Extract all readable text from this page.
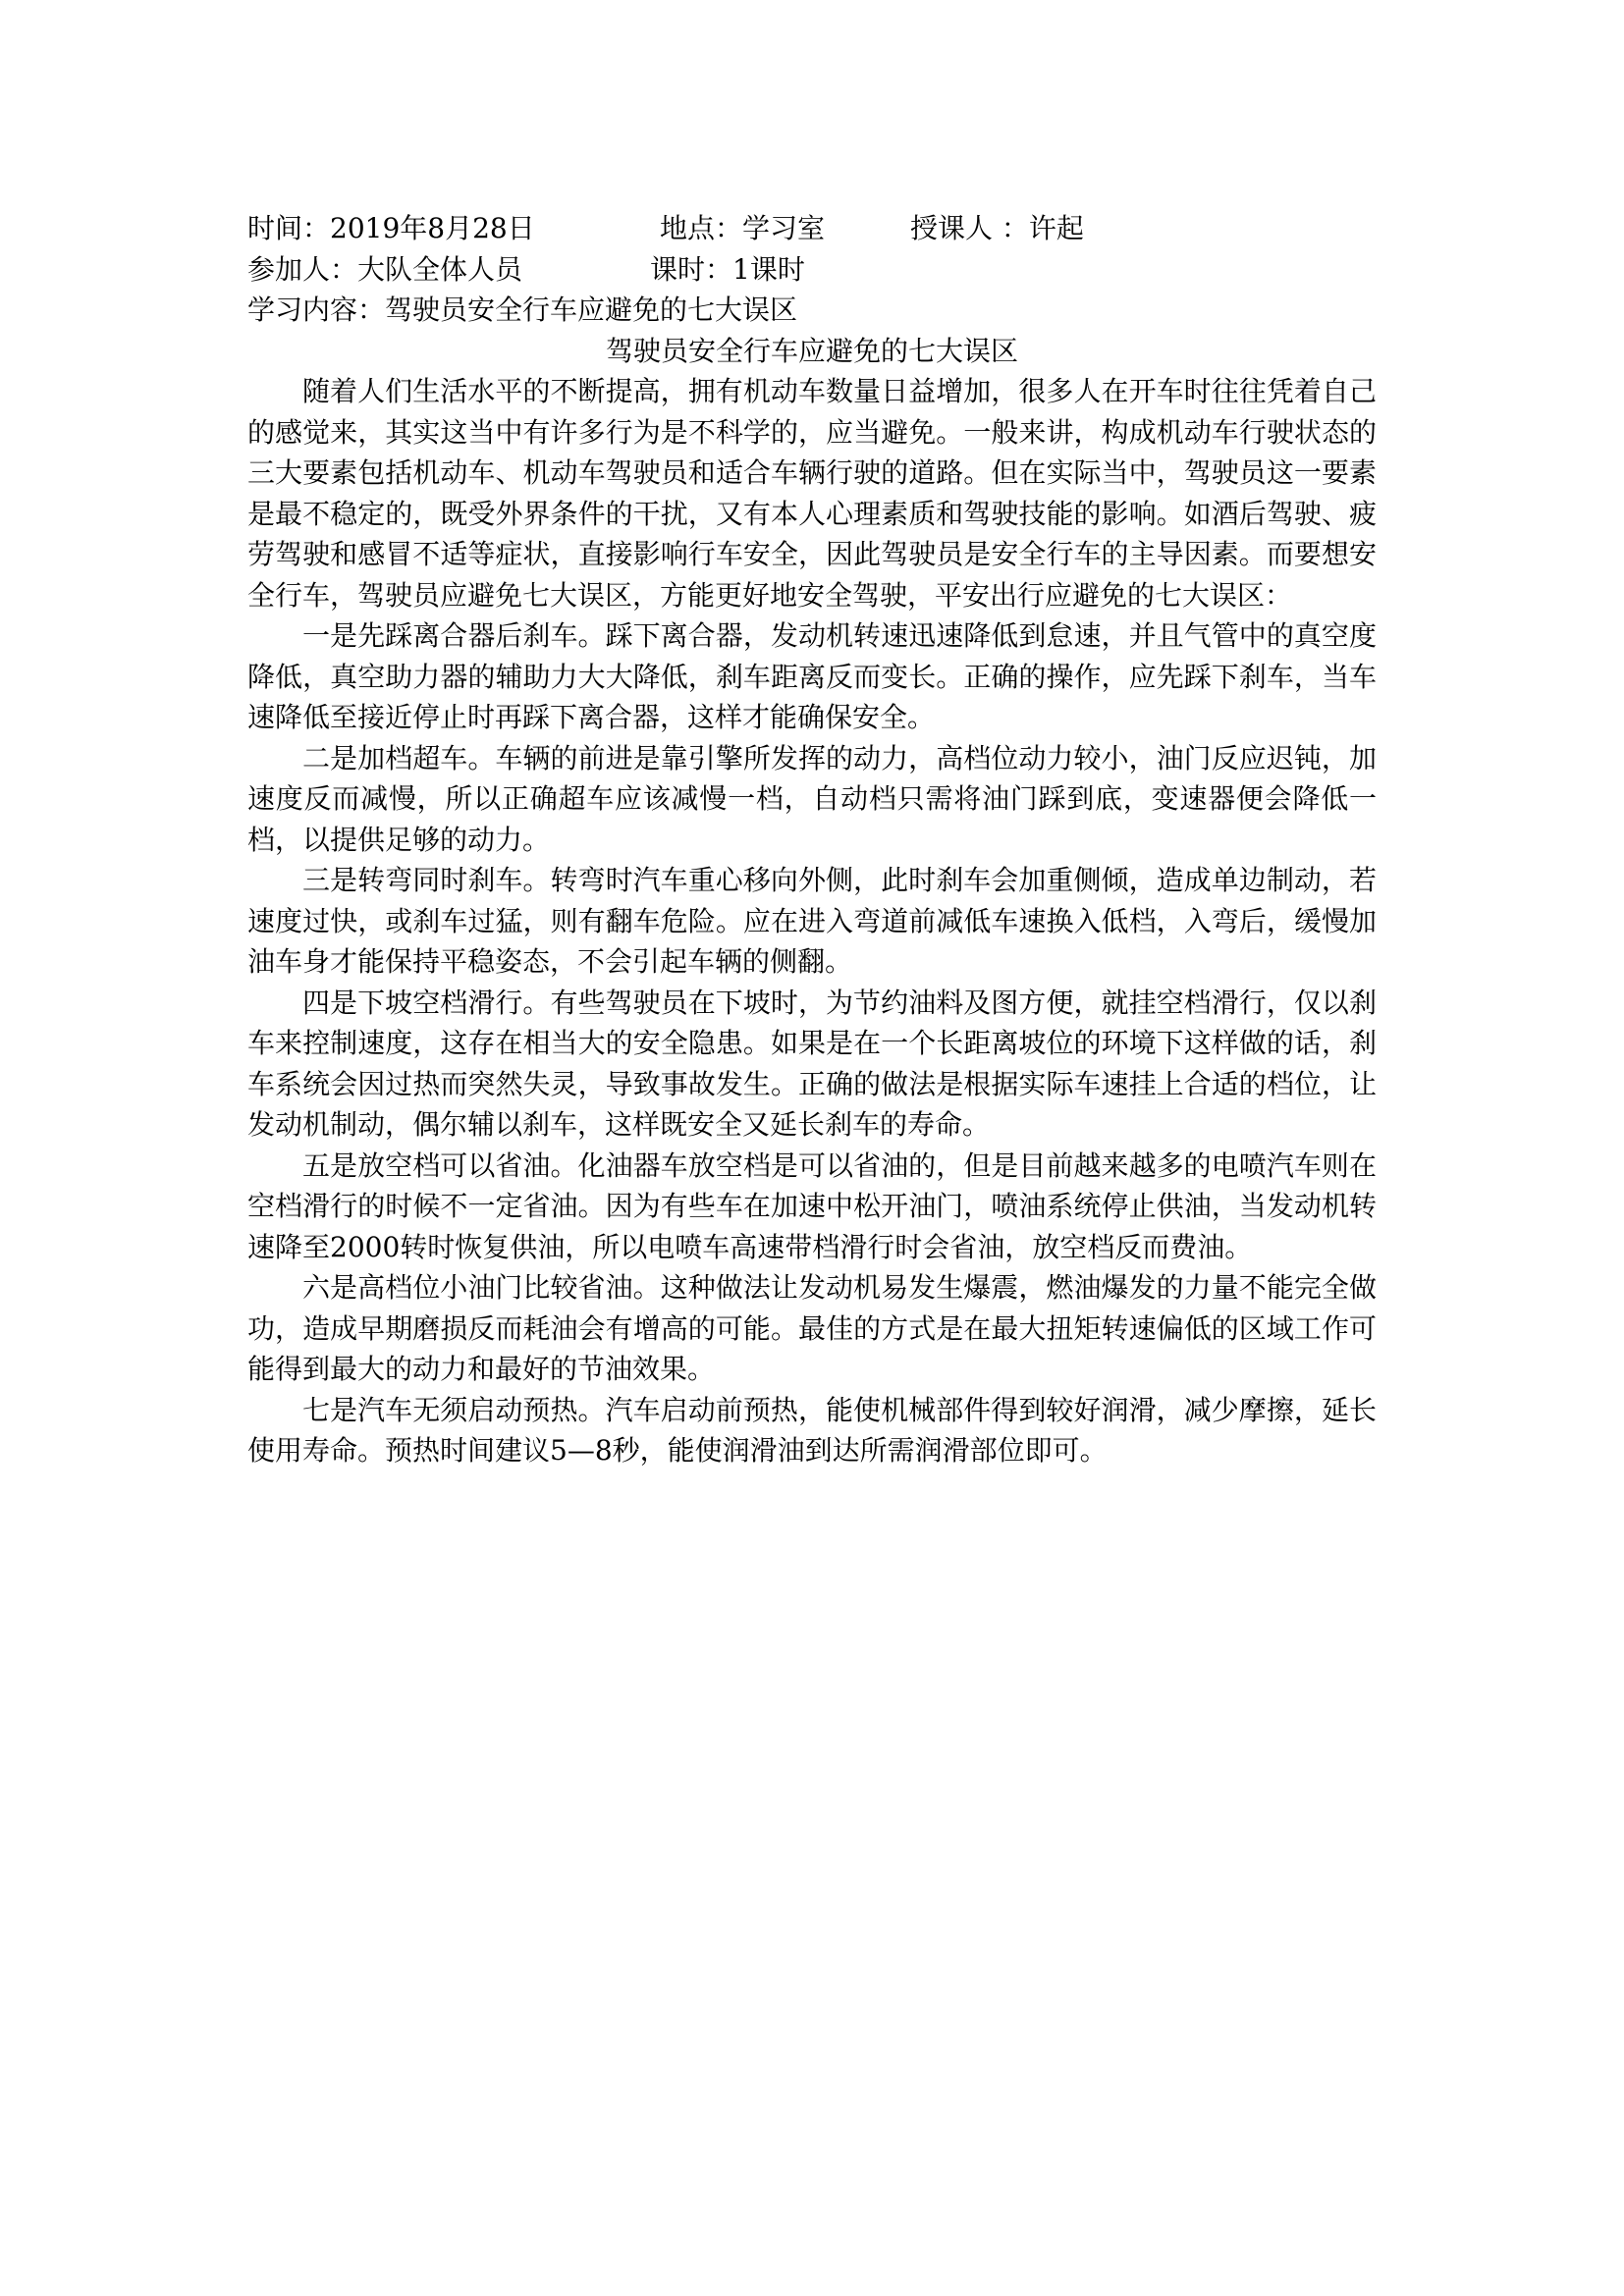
时间：2019年8月28日	地点：学习室	授课人 ：许起

参加人：大队全体人员	课时：1课时

学习内容：驾驶员安全行车应避免的七大误区

驾驶员安全行车应避免的七大误区

随着人们生活水平的不断提高，拥有机动车数量日益增加，很多人在开车时往往凭着自己的感觉来，其实这当中有许多行为是不科学的，应当避免。一般来讲，构成机动车行驶状态的三大要素包括机动车、机动车驾驶员和适合车辆行驶的道路。但在实际当中，驾驶员这一要素是最不稳定的，既受外界条件的干扰，又有本人心理素质和驾驶技能的影响。如酒后驾驶、疲劳驾驶和感冒不适等症状，直接影响行车安全，因此驾驶员是安全行车的主导因素。而要想安全行车，驾驶员应避免七大误区，方能更好地安全驾驶，平安出行应避免的七大误区：

一是先踩离合器后刹车。踩下离合器，发动机转速迅速降低到怠速，并且气管中的真空度降低，真空助力器的辅助力大大降低，刹车距离反而变长。正确的操作，应先踩下刹车，当车速降低至接近停止时再踩下离合器，这样才能确保安全。

二是加档超车。车辆的前进是靠引擎所发挥的动力，高档位动力较小，油门反应迟钝，加速度反而减慢，所以正确超车应该减慢一档，自动档只需将油门踩到底，变速器便会降低一档，以提供足够的动力。

三是转弯同时刹车。转弯时汽车重心移向外侧，此时刹车会加重侧倾，造成单边制动，若速度过快，或刹车过猛，则有翻车危险。应在进入弯道前减低车速换入低档，入弯后，缓慢加油车身才能保持平稳姿态，不会引起车辆的侧翻。

四是下坡空档滑行。有些驾驶员在下坡时，为节约油料及图方便，就挂空档滑行，仅以刹车来控制速度，这存在相当大的安全隐患。如果是在一个长距离坡位的环境下这样做的话，刹车系统会因过热而突然失灵，导致事故发生。正确的做法是根据实际车速挂上合适的档位，让发动机制动，偶尔辅以刹车，这样既安全又延长刹车的寿命。

五是放空档可以省油。化油器车放空档是可以省油的，但是目前越来越多的电喷汽车则在空档滑行的时候不一定省油。因为有些车在加速中松开油门，喷油系统停止供油，当发动机转速降至2000转时恢复供油，所以电喷车高速带档滑行时会省油，放空档反而费油。

六是高档位小油门比较省油。这种做法让发动机易发生爆震，燃油爆发的力量不能完全做功，造成早期磨损反而耗油会有增高的可能。最佳的方式是在最大扭矩转速偏低的区域工作可能得到最大的动力和最好的节油效果。

七是汽车无须启动预热。汽车启动前预热，能使机械部件得到较好润滑，减少摩擦，延长使用寿命。预热时间建议5—8秒，能使润滑油到达所需润滑部位即可。
